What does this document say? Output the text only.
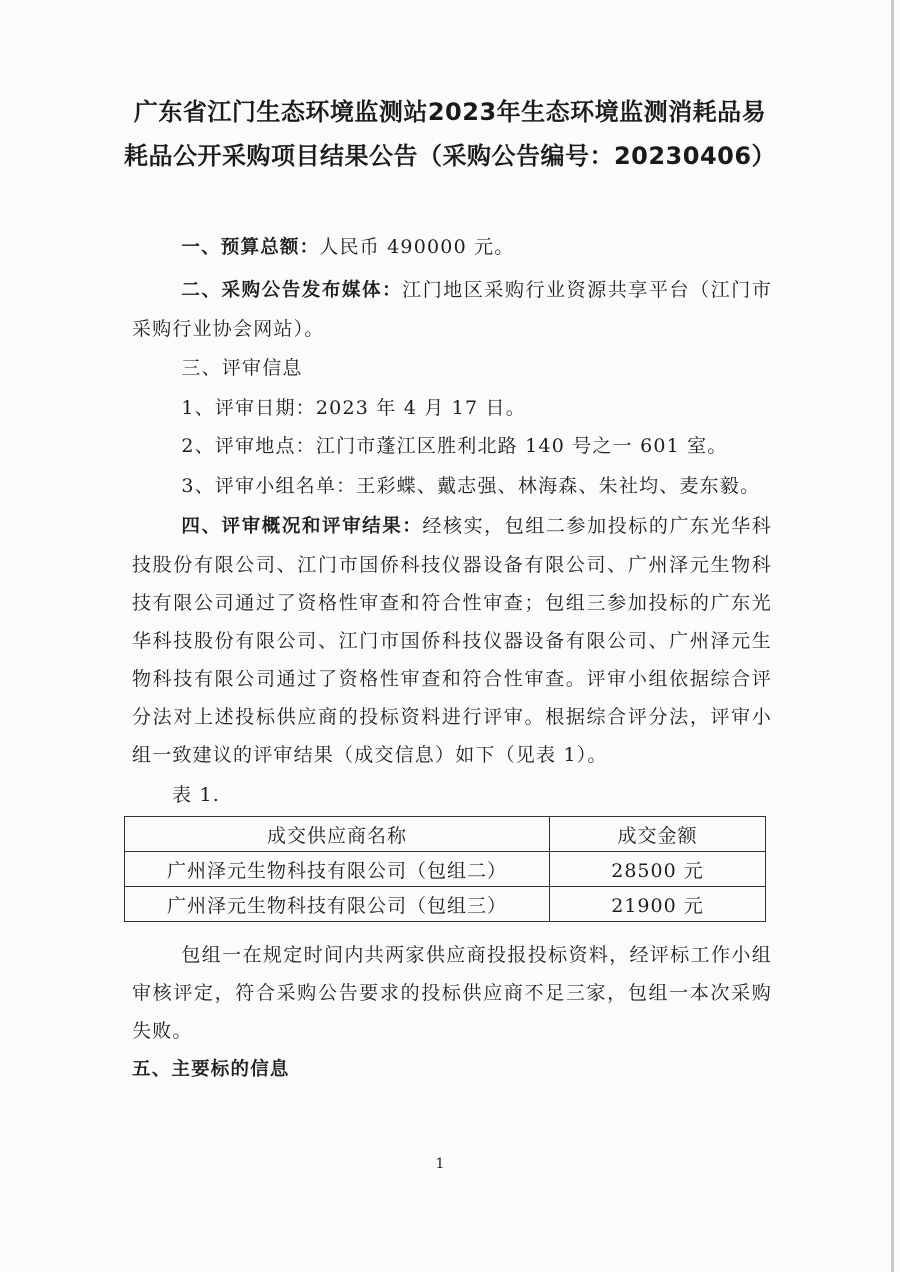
广东省江门生态环境监测站2023年生态环境监测消耗品易
耗品公开采购项目结果公告（采购公告编号：20230406）

一、预算总额：人民币 490000 元。

二、采购公告发布媒体：江门地区采购行业资源共享平台（江门市采购行业协会网站）。

三、评审信息

1、评审日期：2023 年 4 月 17 日。

2、评审地点：江门市蓬江区胜利北路 140 号之一 601 室。

3、评审小组名单：王彩蝶、戴志强、林海森、朱社均、麦东毅。

四、评审概况和评审结果：经核实，包组二参加投标的广东光华科技股份有限公司、江门市国侨科技仪器设备有限公司、广州泽元生物科技有限公司通过了资格性审查和符合性审查；包组三参加投标的广东光华科技股份有限公司、江门市国侨科技仪器设备有限公司、广州泽元生物科技有限公司通过了资格性审查和符合性审查。评审小组依据综合评分法对上述投标供应商的投标资料进行评审。根据综合评分法，评审小组一致建议的评审结果（成交信息）如下（见表 1）。

表 1.

成交供应商名称	成交金额
广州泽元生物科技有限公司（包组二）	28500 元
广州泽元生物科技有限公司（包组三）	21900 元

包组一在规定时间内共两家供应商投报投标资料，经评标工作小组审核评定，符合采购公告要求的投标供应商不足三家，包组一本次采购失败。

五、主要标的信息

1
